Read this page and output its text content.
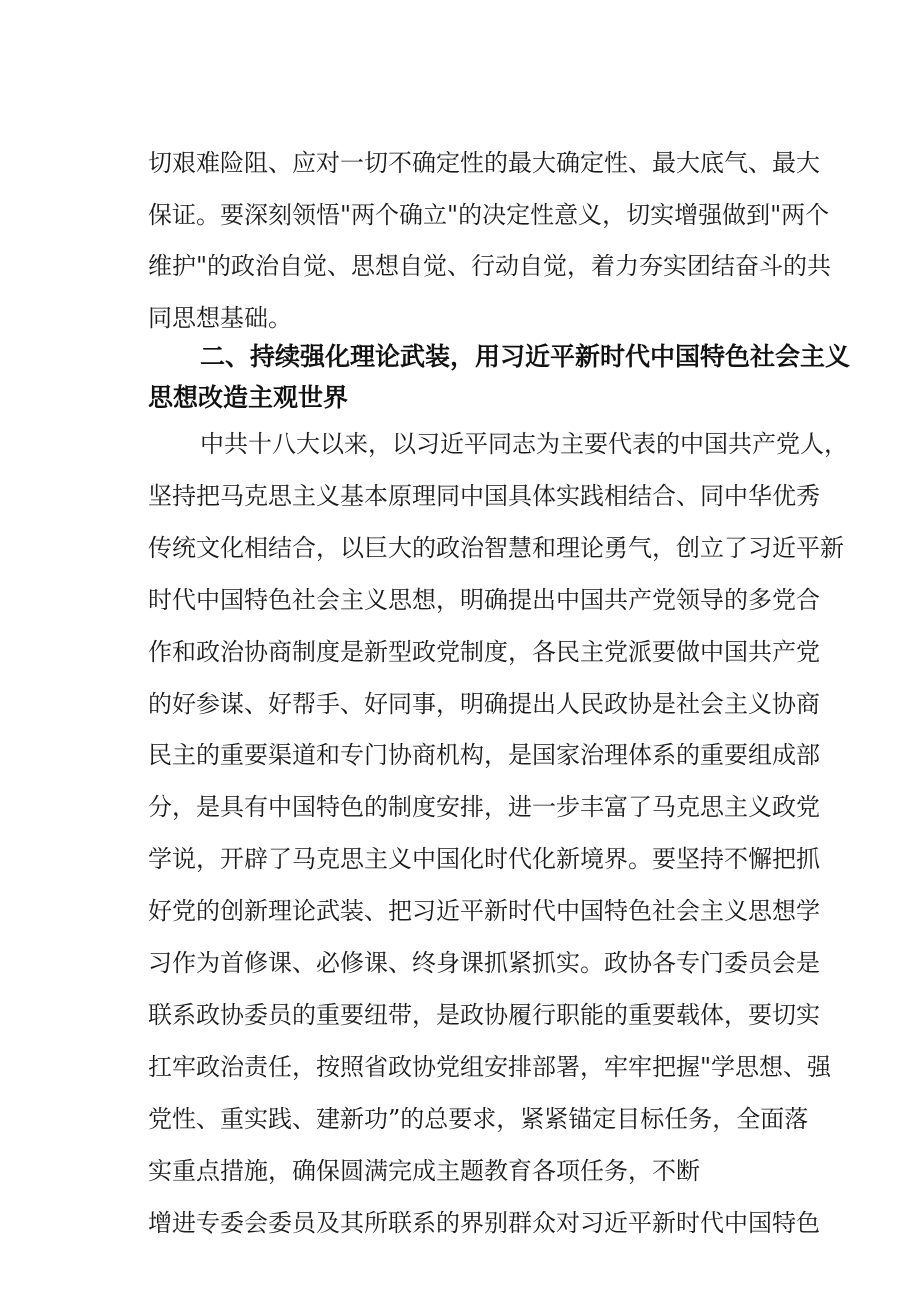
切艰难险阻、应对一切不确定性的最大确定性、最大底气、最大
保证。要深刻领悟"两个确立"的决定性意义，切实增强做到"两个
维护"的政治自觉、思想自觉、行动自觉，着力夯实团结奋斗的共
同思想基础。
二、持续强化理论武装，用习近平新时代中国特色社会主义
思想改造主观世界
中共十八大以来，以习近平同志为主要代表的中国共产党人，
坚持把马克思主义基本原理同中国具体实践相结合、同中华优秀
传统文化相结合，以巨大的政治智慧和理论勇气，创立了习近平新
时代中国特色社会主义思想，明确提出中国共产党领导的多党合
作和政治协商制度是新型政党制度，各民主党派要做中国共产党
的好参谋、好帮手、好同事，明确提出人民政协是社会主义协商
民主的重要渠道和专门协商机构，是国家治理体系的重要组成部
分，是具有中国特色的制度安排，进一步丰富了马克思主义政党
学说，开辟了马克思主义中国化时代化新境界。要坚持不懈把抓
好党的创新理论武装、把习近平新时代中国特色社会主义思想学
习作为首修课、必修课、终身课抓紧抓实。政协各专门委员会是
联系政协委员的重要纽带，是政协履行职能的重要载体，要切实
扛牢政治责任，按照省政协党组安排部署，牢牢把握"学思想、强
党性、重实践、建新功”的总要求，紧紧锚定目标任务，全面落
实重点措施，确保圆满完成主题教育各项任务，不断
增进专委会委员及其所联系的界别群众对习近平新时代中国特色
